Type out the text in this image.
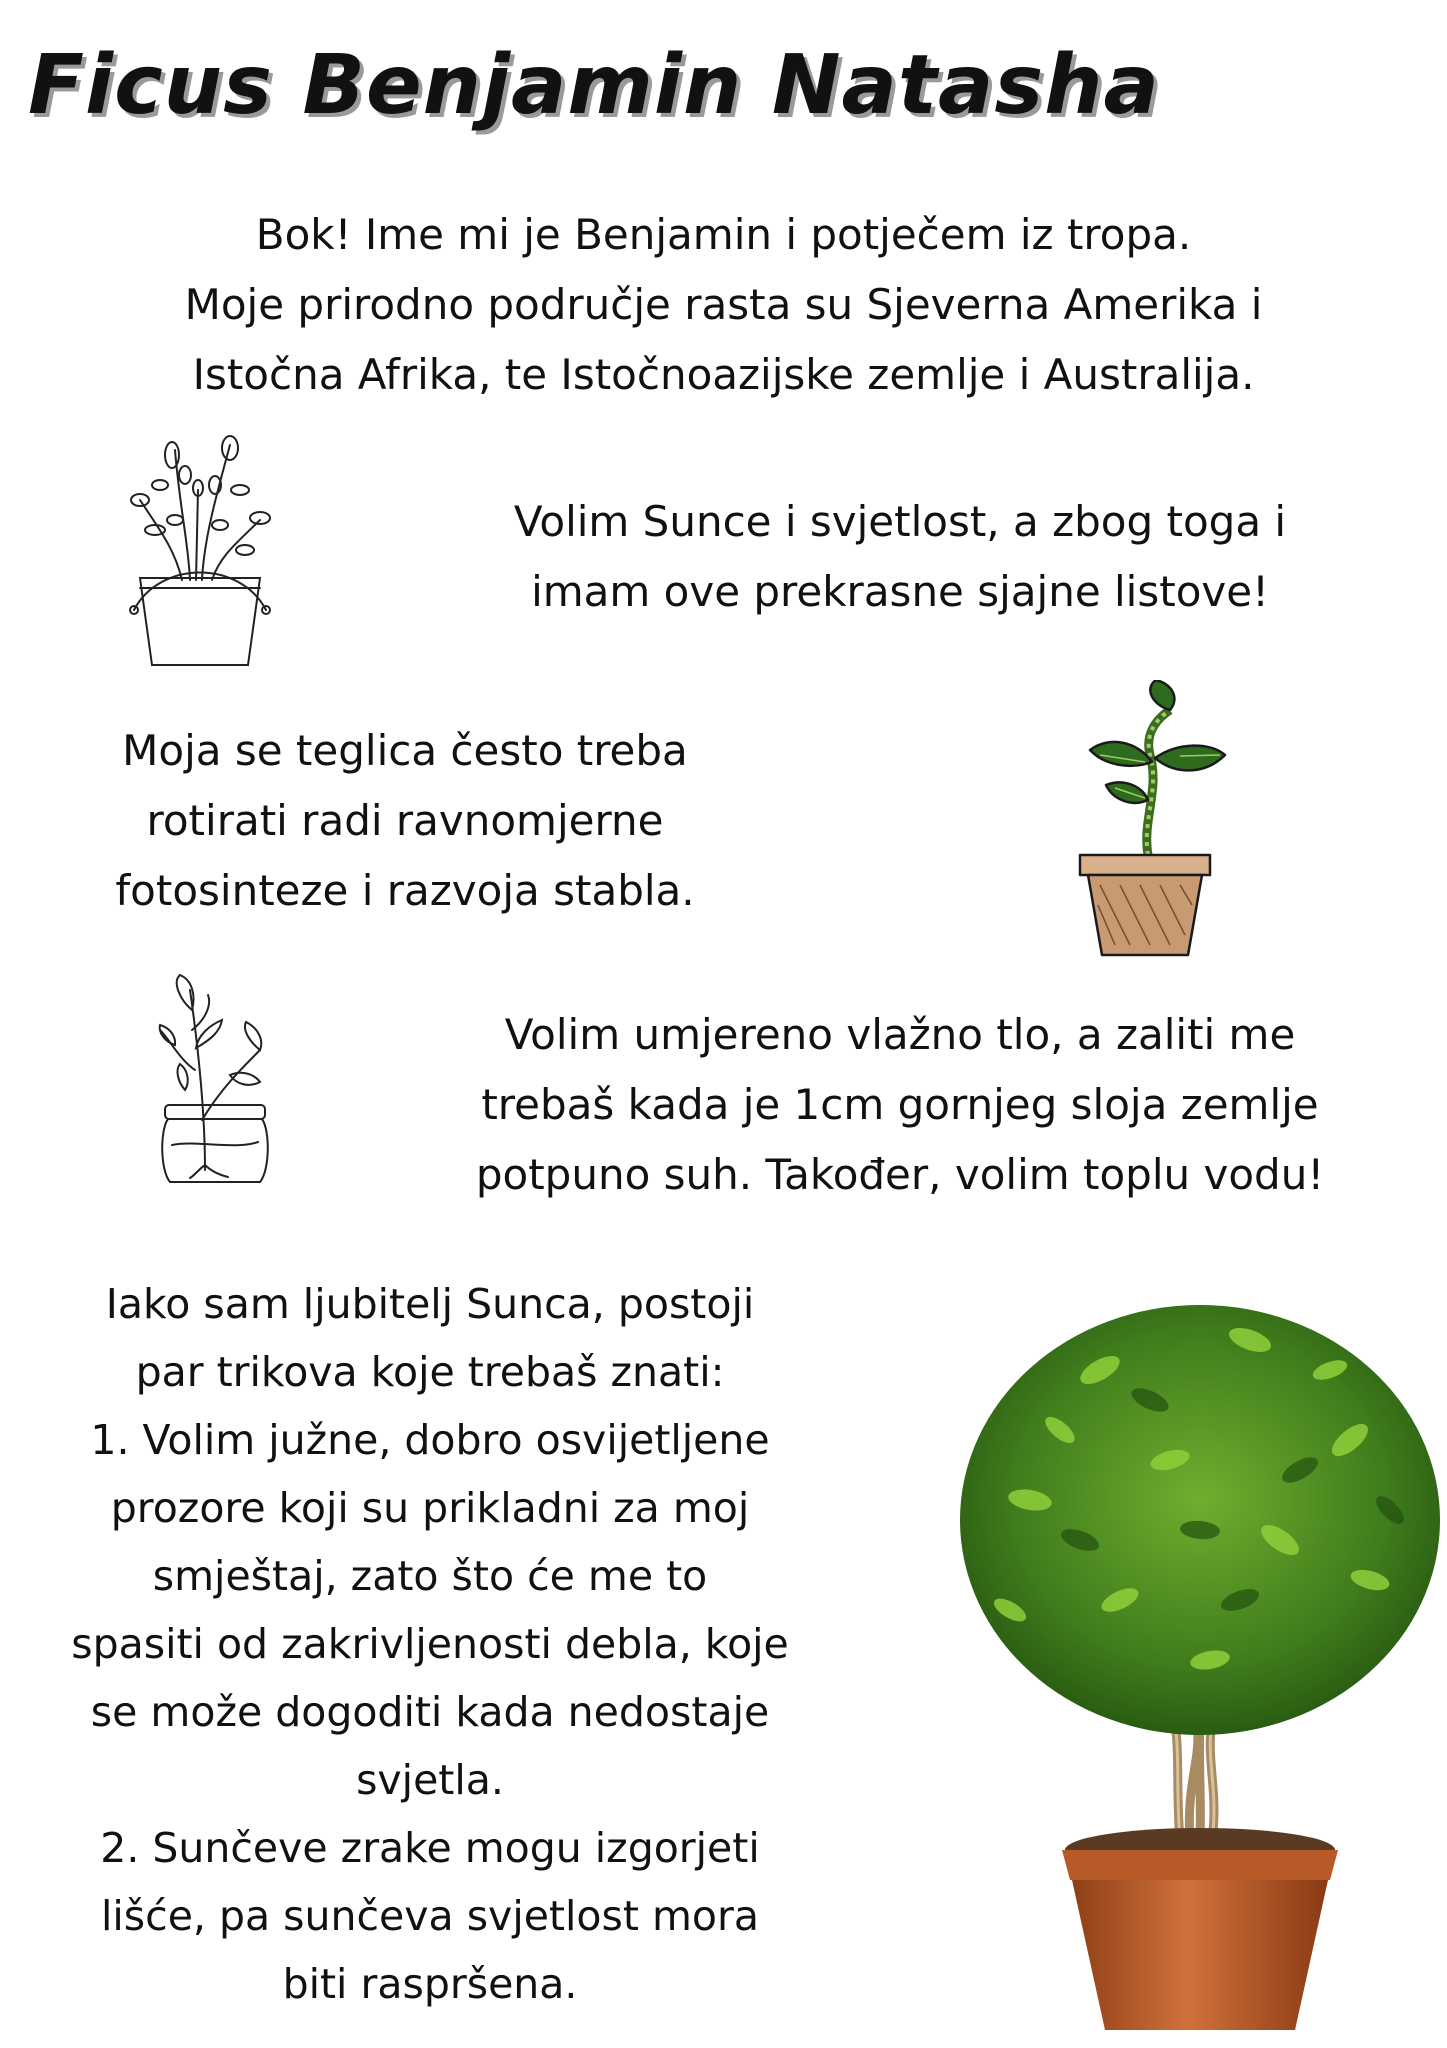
Ficus Benjamin Natasha
Bok! Ime mi je Benjamin i potječem iz tropa.
Moje prirodno područje rasta su Sjeverna Amerika i
Istočna Afrika, te Istočnoazijske zemlje i Australija.
Volim Sunce i svjetlost, a zbog toga i
imam ove prekrasne sjajne listove!
Moja se teglica često treba
rotirati radi ravnomjerne
fotosinteze i razvoja stabla.
Volim umjereno vlažno tlo, a zaliti me
trebaš kada je 1cm gornjeg sloja zemlje
potpuno suh. Također, volim toplu vodu!
Iako sam ljubitelj Sunca, postoji
par trikova koje trebaš znati:
1. Volim južne, dobro osvijetljene
prozore koji su prikladni za moj
smještaj, zato što će me to
spasiti od zakrivljenosti debla, koje
se može dogoditi kada nedostaje
svjetla.
2. Sunčeve zrake mogu izgorjeti
lišće, pa sunčeva svjetlost mora
biti raspršena.
